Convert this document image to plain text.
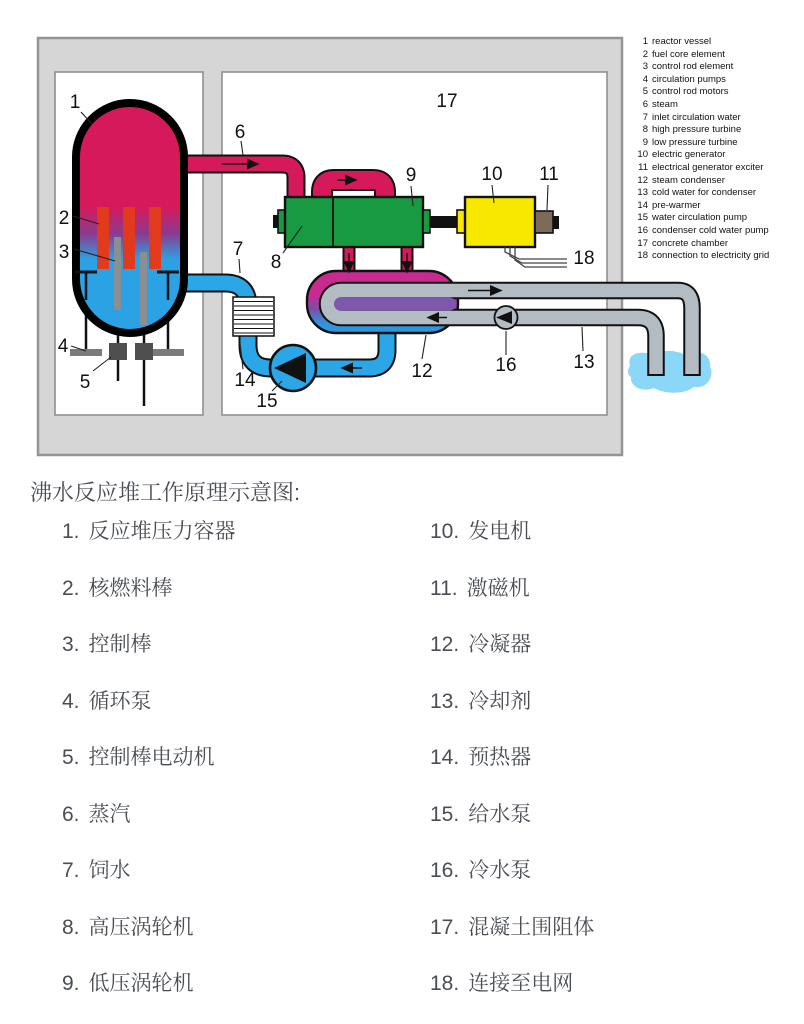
1
2
3
4
5
6
7
8
9	10 11
12	13
14
15
16
17
18
1 reactor vessel
2 fuel core element
3 control rod element
4 circulation pumps
5 control rod motors
6 steam
7 inlet circulation water
8 high pressure turbine
9 low pressure turbine
10 electric generator
11 electrical generator exciter
12 steam condenser
13 cold water for condenser
14 pre-warmer
15 water circulation pump
16 condenser cold water pump
17 concrete chamber
18 connection to electricity grid
沸水反应堆工作原理示意图:
1. 反应堆压力容器
2. 核燃料棒
3. 控制棒
4. 循环泵
5. 控制棒电动机
6. 蒸汽
7. 饲水
8. 高压涡轮机
9. 低压涡轮机
10. 发电机
11. 激磁机
12. 冷凝器
13. 冷却剂
14. 预热器
15. 给水泵
16. 冷水泵
17. 混凝土围阻体
18. 连接至电网
